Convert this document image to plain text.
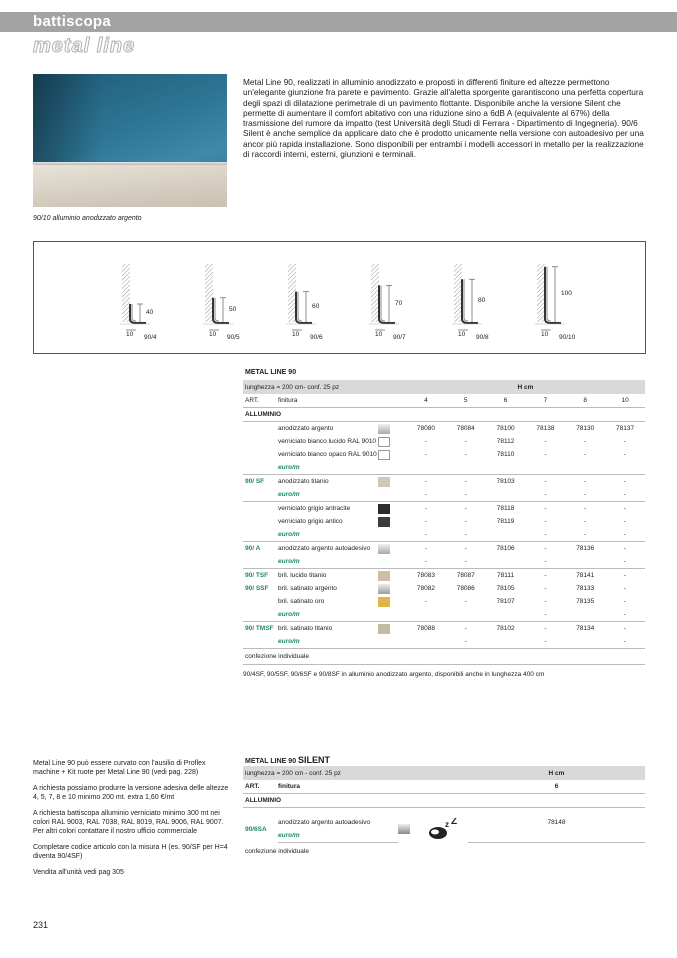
battiscopa
metal line
90/10 alluminio anodizzato argento
Metal Line 90, realizzati in alluminio anodizzato e proposti in differenti finiture ed altezze permettono un'elegante giunzione fra parete e pavimento. Grazie all'aletta sporgente garantiscono una perfetta copertura degli spazi di dilatazione perimetrale di un pavimento flottante. Disponibile anche la versione Silent che permette di aumentare il comfort abitativo con una riduzione sino a 6dB A (equivalente al 67%) della trasmissione del rumore da impatto (test Università degli Studi di Ferrara - Dipartimento di Ingegneria). 90/6 Silent è anche semplice da applicare dato che è prodotto unicamente nella versione con autoadesivo per una ancor più rapida installazione. Sono disponibili per entrambi i modelli accessori in metallo per la realizzazione di raccordi interni, esterni, giunzioni e terminali.
40
10 90/4
50
10 90/5
60
10 90/6
70
10 90/7
80
10 90/8
100
10 90/10
METAL LINE 90
lunghezza = 200 cm- conf. 25 pz			H cm					
ART.	finitura		4	5	6	7	8	10
ALLUMINIO								
	anodizzato argento		78080	78084	78100	78138	78130	78137
	verniciato bianco lucido RAL 9010		-	-	78112	-	-	-
	verniciato bianco opaco RAL 9010		-	-	78110	-	-	-
	euro/m							
90/ SF	anodizzato titanio		-	-	78103	-	-	-
	euro/m		-	-		-	-	-
	verniciato grigio antracite		-	-	78118	-	-	-
	verniciato grigio antico		-	-	78119	-	-	-
	euro/m		-	-		-	-	-
90/ A	anodizzato argento autoadesivo		-	-	78106	-	78136	-
	euro/m		-	-		-		-
90/ TSF	bril. lucido titanio		78083	78087	78111	-	78141	-
90/ SSF	bril. satinato argento		78082	78086	78105	-	78133	-
	bril. satinato oro		-	-	78107	-	78135	-
	euro/m					-		-
90/ TMSF	bril. satinato titanio		78088	-	78102	-	78134	-
	euro/m			-		-		-
confezione individuale								
90/4SF, 90/5SF, 90/6SF e 90/8SF in alluminio anodizzato argento, disponibili anche in lunghezza 400 cm
METAL LINE 90 SILENT
lunghezza = 200 cm - conf. 25 pz			H cm
ART.	finitura		6
ALLUMINIO			

90/6SA	anodizzato argento autoadesivo	z Z	78148
	euro/m		
confezione individuale			

Metal Line 90 può essere curvato con l'ausilio di Proflex machine + Kit ruote per Metal Line 90 (vedi pag. 228)

A richiesta possiamo produrre la versione adesiva delle altezze 4, 5, 7, 8 e 10 minimo 200 mt. extra 1,60 €/mt

A richiesta battiscopa alluminio verniciato minimo 300 mt nei colori RAL 9003, RAL 7038, RAL 8019, RAL 9006, RAL 9007. Per altri colori contattare il nostro ufficio commerciale

Completare codice articolo con la misura H (es. 90/SF per H=4 diventa 90/4SF)

Vendita all'unità vedi pag 305

231
